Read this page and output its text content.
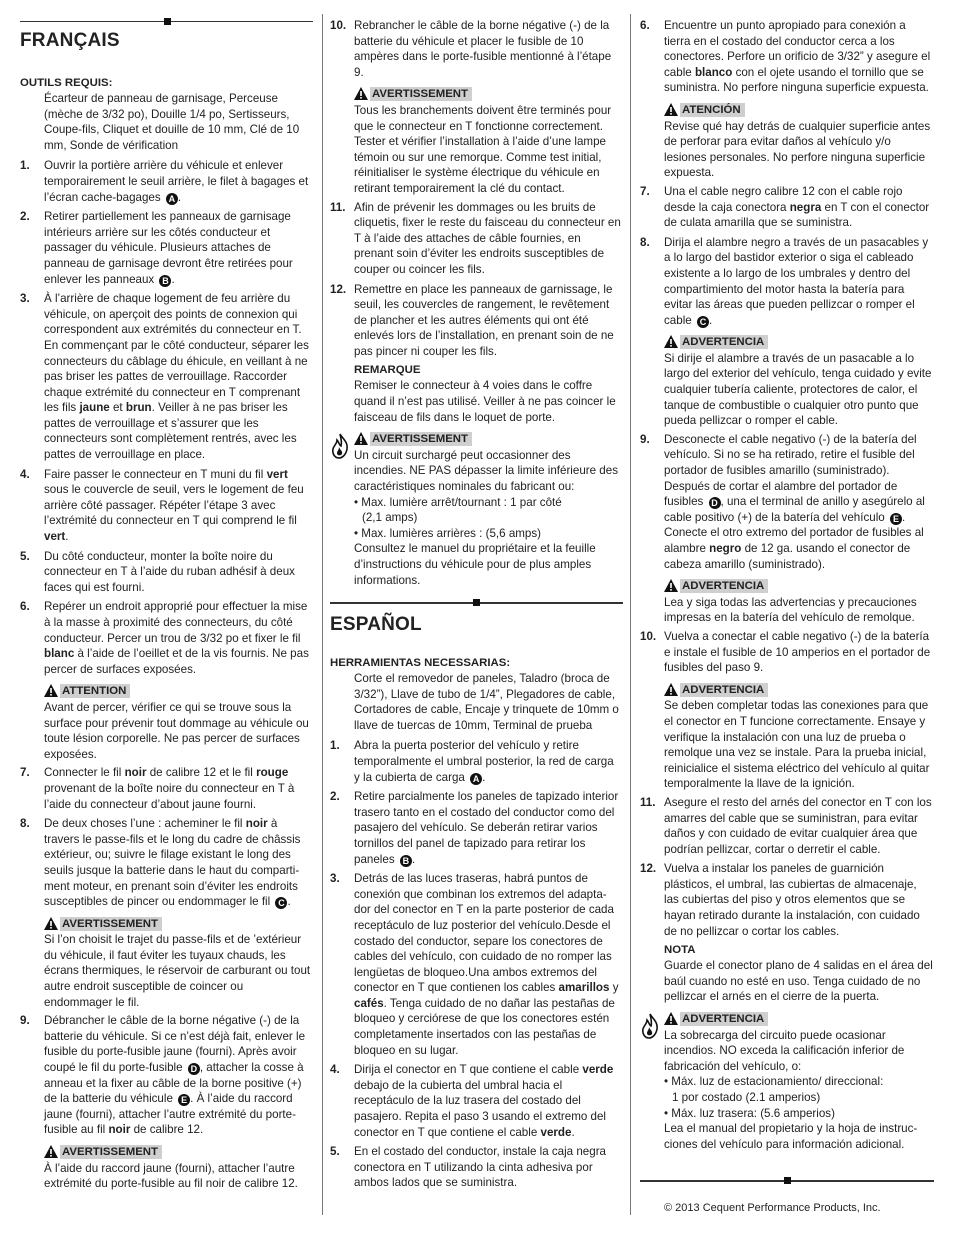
FRANÇAIS
OUTILS REQUIS:
Écarteur de panneau de garnisage, Perceuse (mèche de 3/32 po), Douille 1/4 po, Sertisseurs, Coupe-fils, Cliquet et douille de 10 mm, Clé de 10 mm, Sonde de vérification
1. Ouvrir la portière arrière du véhicule et enlever temporairement le seuil arrière, le filet à bagages et l’écran cache-bagages A .
2. Retirer partiellement les panneaux de garnisage intérieurs arrière sur les côtés conducteur et passager du véhicule. Plusieurs attaches de panneau de garnisage devront être retirées pour enlever les panneaux B .
3. À l’arrière de chaque logement de feu arrière du véhicule, on aperçoit des points de connexion qui correspondent aux extrémités du connecteur en T. En commençant par le côté conducteur, séparer les connecteurs du câblage du éhicule, en veillant à ne pas briser les pattes de verrouillage. Raccorder chaque extrémité du connecteur en T comprenant les fils jaune et brun. Veiller à ne pas briser les pattes de verrouillage et s’assurer que les connecteurs sont complètement rentrés, avec les pattes de verrouillage en place.
4. Faire passer le connecteur en T muni du fil vert sous le couvercle de seuil, vers le logement de feu arrière côté passager. Répéter l’étape 3 avec l’extrémité du connecteur en T qui comprend le fil vert.
5. Du côté conducteur, monter la boîte noire du connecteur en T à l’aide du ruban adhésif à deux faces qui est fourni.
6. Repérer un endroit approprié pour effectuer la mise à la masse à proximité des connecteurs, du côté conducteur. Percer un trou de 3/32 po et fixer le fil blanc à l’aide de l’oeillet et de la vis fournis. Ne pas percer de surfaces exposées.
ATTENTION
Avant de percer, vérifier ce qui se trouve sous la surface pour prévenir tout dommage au véhicule ou toute lésion corporelle. Ne pas percer de surfaces exposées.
7. Connecter le fil noir de calibre 12 et le fil rouge provenant de la boîte noire du connecteur en T à l’aide du connecteur d’about jaune fourni.
8. De deux choses l’une : acheminer le fil noir à travers le passe-fils et le long du cadre de châssis extérieur, ou; suivre le filage existant le long des seuils jusque la batterie dans le haut du comparti- ment moteur, en prenant soin d’éviter les endroits susceptibles de pincer ou endommager le fil C .
AVERTISSEMENT
Si l’on choisit le trajet du passe-fils et de ’extérieur du véhicule, il faut éviter les tuyaux chauds, les écrans thermiques, le réservoir de carburant ou tout autre endroit susceptible de coincer ou endommager le fil.
9. Débrancher le câble de la borne négative (-) de la batterie du véhicule. Si ce n’est déjà fait, enlever le fusible du porte-fusible jaune (fourni). Après avoir coupé le fil du porte-fusible D , attacher la cosse à anneau et la fixer au câble de la borne positive (+) de la batterie du véhicule E . À l’aide du raccord jaune (fourni), attacher l’autre extrémité du porte-fusible au fil noir de calibre 12.
AVERTISSEMENT
À l’aide du raccord jaune (fourni), attacher l’autre extrémité du porte-fusible au fil noir de calibre 12.
10. Rebrancher le câble de la borne négative (-) de la batterie du véhicule et placer le fusible de 10 ampères dans le porte-fusible mentionné à l’étape 9.
AVERTISSEMENT
Tous les branchements doivent être terminés pour que le connecteur en T fonctionne correctement. Tester et vérifier l’installation à l’aide d’une lampe témoin ou sur une remorque. Comme test initial, réinitialiser le système électrique du véhicule en retirant temporairement la clé du contact.
11. Afin de prévenir les dommages ou les bruits de cliquetis, fixer le reste du faisceau du connecteur en T à l’aide des attaches de câble fournies, en prenant soin d’éviter les endroits susceptibles de couper ou coincer les fils.
12. Remettre en place les panneaux de garnissage, le seuil, les couvercles de rangement, le revêtement de plancher et les autres éléments qui ont été enlevés lors de l’installation, en prenant soin de ne pas pincer ni couper les fils.
REMARQUE
Remiser le connecteur à 4 voies dans le coffre quand il n’est pas utilisé. Veiller à ne pas coincer le faisceau de fils dans le loquet de porte.
AVERTISSEMENT
Un circuit surchargé peut occasionner des incendies. NE PAS dépasser la limite inférieure des caractéristiques nominales du fabricant ou:
• Max. lumière arrêt/tournant : 1 par côté
(2,1 amps)
• Max. lumières arrières : (5,6 amps)
Consultez le manuel du propriétaire et la feuille d’instructions du véhicule pour de plus amples informations.
ESPAÑOL
HERRAMIENTAS NECESSARIAS:
Corte el removedor de paneles, Taladro (broca de 3/32”), Llave de tubo de 1/4”, Plegadores de cable, Cortadores de cable, Encaje y trinquete de 10mm o llave de tuercas de 10mm, Terminal de prueba
1. Abra la puerta posterior del vehículo y retire temporalmente el umbral posterior, la red de carga y la cubierta de carga A .
2. Retire parcialmente los paneles de tapizado interior trasero tanto en el costado del conductor como del pasajero del vehículo. Se deberán retirar varios tornillos del panel de tapizado para retirar los paneles B .
3. Detrás de las luces traseras, habrá puntos de conexión que combinan los extremos del adapta- dor del conector en T en la parte posterior de cada receptáculo de luz posterior del vehículo.Desde el costado del conductor, separe los conectores de cables del vehículo, con cuidado de no romper las lengüetas de bloqueo.Una ambos extremos del conector en T que contienen los cables amarillos y cafés. Tenga cuidado de no dañar las pestañas de bloqueo y cerciórese de que los conectores estén completamente insertados con las pestañas de bloqueo en su lugar.
4. Dirija el conector en T que contiene el cable verde debajo de la cubierta del umbral hacia el receptáculo de la luz trasera del costado del pasajero. Repita el paso 3 usando el extremo del conector en T que contiene el cable verde.
5. En el costado del conductor, instale la caja negra conectora en T utilizando la cinta adhesiva por ambos lados que se suministra.
6. Encuentre un punto apropiado para conexión a tierra en el costado del conductor cerca a los conectores. Perfore un orificio de 3/32” y asegure el cable blanco con el ojete usando el tornillo que se suministra. No perfore ninguna superficie expuesta.
ATENCIÓN
Revise qué hay detrás de cualquier superficie antes de perforar para evitar daños al vehículo y/o lesiones personales. No perfore ninguna superficie expuesta.
7. Una el cable negro calibre 12 con el cable rojo desde la caja conectora negra en T con el conector de culata amarilla que se suministra.
8. Dirija el alambre negro a través de un pasacables y a lo largo del bastidor exterior o siga el cableado existente a lo largo de los umbrales y dentro del compartimiento del motor hasta la batería para evitar las áreas que pueden pellizcar o romper el cable C .
ADVERTENCIA
Si dirije el alambre a través de un pasacable a lo largo del exterior del vehículo, tenga cuidado y evite cualquier tubería caliente, protectores de calor, el tanque de combustible o cualquier otro punto que pueda pellizcar o romper el cable.
9. Desconecte el cable negativo (-) de la batería del vehículo. Si no se ha retirado, retire el fusible del portador de fusibles amarillo (suministrado). Después de cortar el alambre del portador de fusibles D , una el terminal de anillo y asegúrelo al cable positivo (+) de la batería del vehículo E . Conecte el otro extremo del portador de fusibles al alambre negro de 12 ga. usando el conector de cabeza amarillo (suministrado).
ADVERTENCIA
Lea y siga todas las advertencias y precauciones impresas en la batería del vehículo de remolque.
10. Vuelva a conectar el cable negativo (-) de la batería e instale el fusible de 10 amperios en el portador de fusibles del paso 9.
ADVERTENCIA
Se deben completar todas las conexiones para que el conector en T funcione correctamente. Ensaye y verifique la instalación con una luz de prueba o remolque una vez se instale. Para la prueba inicial, reinicialice el sistema eléctrico del vehículo al quitar temporalmente la llave de la ignición.
11. Asegure el resto del arnés del conector en T con los amarres del cable que se suministran, para evitar daños y con cuidado de evitar cualquier área que podrían pellizcar, cortar o derretir el cable.
12. Vuelva a instalar los paneles de guarnición plásticos, el umbral, las cubiertas de almacenaje, las cubiertas del piso y otros elementos que se hayan retirado durante la instalación, con cuidado de no pellizcar o cortar los cables.
NOTA
Guarde el conector plano de 4 salidas en el área del baúl cuando no esté en uso. Tenga cuidado de no pellizcar el arnés en el cierre de la puerta.
ADVERTENCIA
La sobrecarga del circuito puede ocasionar incendios. NO exceda la calificación inferior de fabricación del vehículo, o:
• Máx. luz de estacionamiento/ direccional:
1 por costado (2.1 amperios)
• Máx. luz trasera: (5.6 amperios)
Lea el manual del propietario y la hoja de instruc- ciones del vehículo para información adicional.
© 2013 Cequent Performance Products, Inc.
